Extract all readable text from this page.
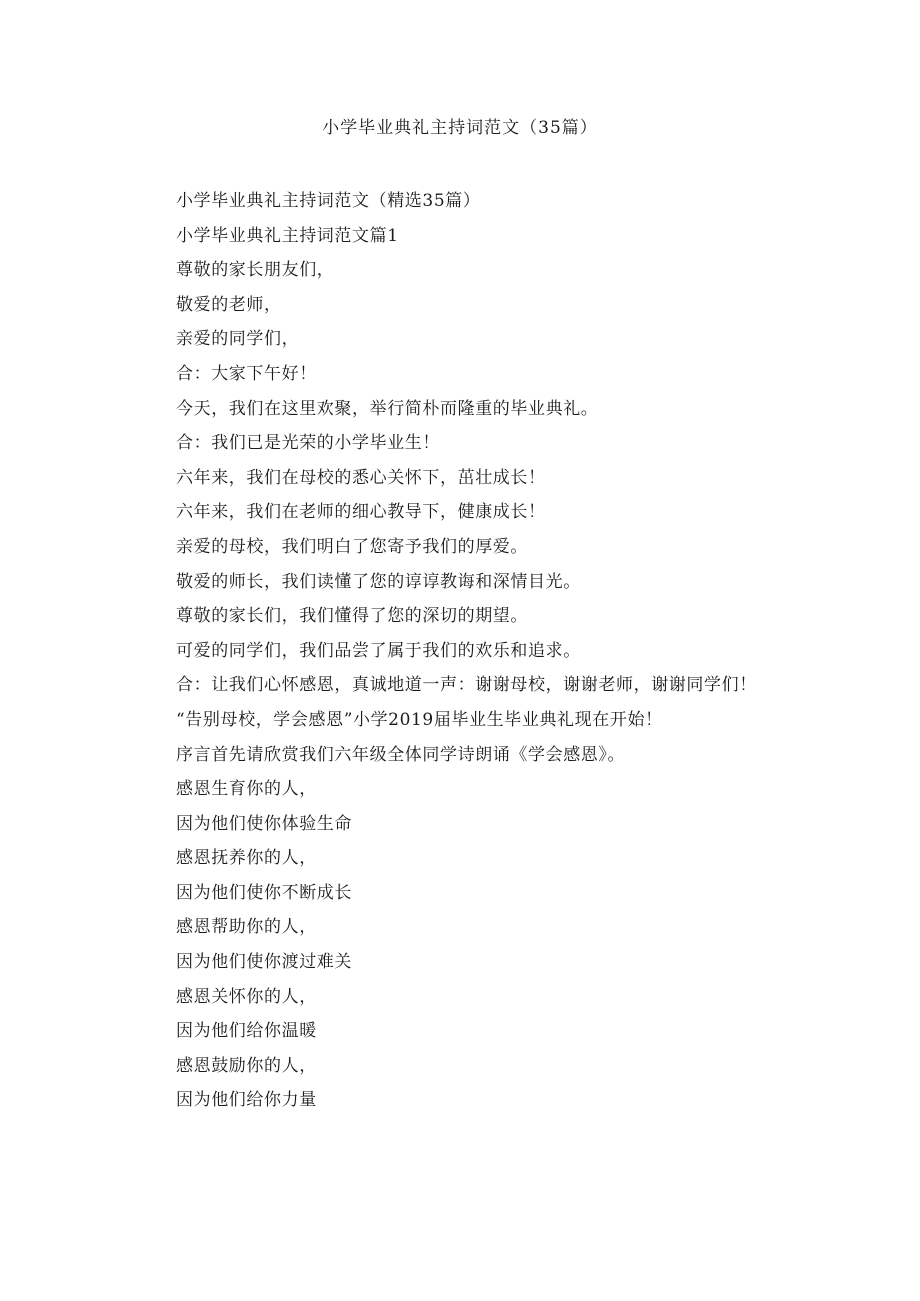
小学毕业典礼主持词范文（35篇）

小学毕业典礼主持词范文（精选35篇）

小学毕业典礼主持词范文篇1

尊敬的家长朋友们，

敬爱的老师，

亲爱的同学们，

合：大家下午好！

今天，我们在这里欢聚，举行简朴而隆重的毕业典礼。

合：我们已是光荣的小学毕业生！

六年来，我们在母校的悉心关怀下，茁壮成长！

六年来，我们在老师的细心教导下，健康成长！

亲爱的母校，我们明白了您寄予我们的厚爱。

敬爱的师长，我们读懂了您的谆谆教诲和深情目光。

尊敬的家长们，我们懂得了您的深切的期望。

可爱的同学们，我们品尝了属于我们的欢乐和追求。

合：让我们心怀感恩，真诚地道一声：谢谢母校，谢谢老师，谢谢同学们！

“告别母校，学会感恩”小学2019届毕业生毕业典礼现在开始！

序言首先请欣赏我们六年级全体同学诗朗诵《学会感恩》。

感恩生育你的人，

因为他们使你体验生命

感恩抚养你的人，

因为他们使你不断成长

感恩帮助你的人，

因为他们使你渡过难关

感恩关怀你的人，

因为他们给你温暖

感恩鼓励你的人，

因为他们给你力量
